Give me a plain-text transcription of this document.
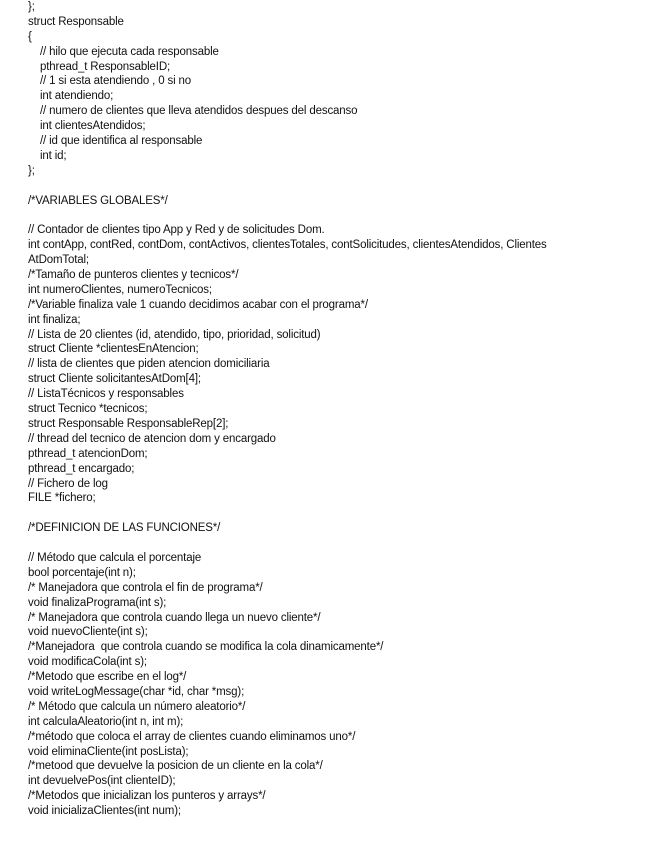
};
struct Responsable
{
// hilo que ejecuta cada responsable
pthread_t ResponsableID;
// 1 si esta atendiendo , 0 si no
int atendiendo;
// numero de clientes que lleva atendidos despues del descanso
int clientesAtendidos;
// id que identifica al responsable
int id;
};
/*VARIABLES GLOBALES*/
// Contador de clientes tipo App y Red y de solicitudes Dom.
int contApp, contRed, contDom, contActivos, clientesTotales, contSolicitudes, clientesAtendidos, Clientes
AtDomTotal;
/*Tamaño de punteros clientes y tecnicos*/
int numeroClientes, numeroTecnicos;
/*Variable finaliza vale 1 cuando decidimos acabar con el programa*/
int finaliza;
// Lista de 20 clientes (id, atendido, tipo, prioridad, solicitud)
struct Cliente *clientesEnAtencion;
// lista de clientes que piden atencion domiciliaria
struct Cliente solicitantesAtDom[4];
// ListaTécnicos y responsables
struct Tecnico *tecnicos;
struct Responsable ResponsableRep[2];
// thread del tecnico de atencion dom y encargado
pthread_t atencionDom;
pthread_t encargado;
// Fichero de log
FILE *fichero;
/*DEFINICION DE LAS FUNCIONES*/
// Método que calcula el porcentaje
bool porcentaje(int n);
/* Manejadora que controla el fin de programa*/
void finalizaPrograma(int s);
/* Manejadora que controla cuando llega un nuevo cliente*/
void nuevoCliente(int s);
/*Manejadora  que controla cuando se modifica la cola dinamicamente*/
void modificaCola(int s);
/*Metodo que escribe en el log*/
void writeLogMessage(char *id, char *msg);
/* Método que calcula un número aleatorio*/
int calculaAleatorio(int n, int m);
/*método que coloca el array de clientes cuando eliminamos uno*/
void eliminaCliente(int posLista);
/*metood que devuelve la posicion de un cliente en la cola*/
int devuelvePos(int clienteID);
/*Metodos que inicializan los punteros y arrays*/
void inicializaClientes(int num);
